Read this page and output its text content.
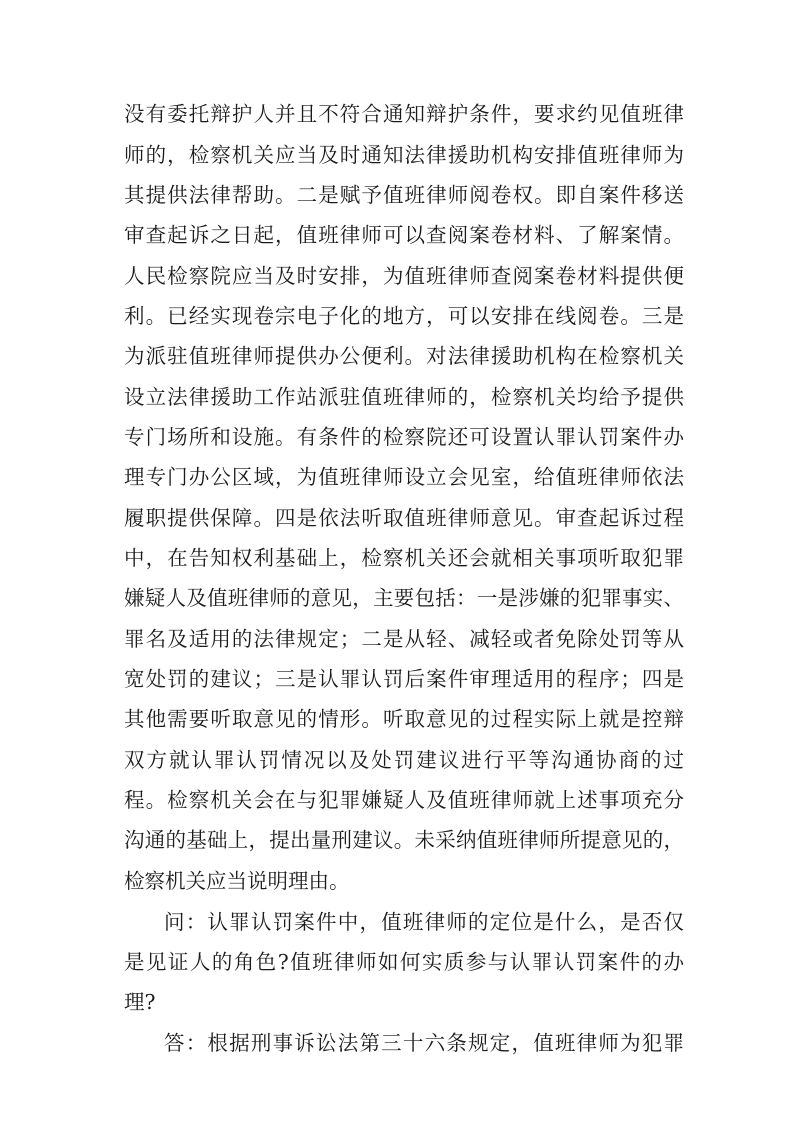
没有委托辩护人并且不符合通知辩护条件，要求约见值班律
师的，检察机关应当及时通知法律援助机构安排值班律师为
其提供法律帮助。二是赋予值班律师阅卷权。即自案件移送
审查起诉之日起，值班律师可以查阅案卷材料、了解案情。
人民检察院应当及时安排，为值班律师查阅案卷材料提供便
利。已经实现卷宗电子化的地方，可以安排在线阅卷。三是
为派驻值班律师提供办公便利。对法律援助机构在检察机关
设立法律援助工作站派驻值班律师的，检察机关均给予提供
专门场所和设施。有条件的检察院还可设置认罪认罚案件办
理专门办公区域，为值班律师设立会见室，给值班律师依法
履职提供保障。四是依法听取值班律师意见。审查起诉过程
中，在告知权利基础上，检察机关还会就相关事项听取犯罪
嫌疑人及值班律师的意见，主要包括：一是涉嫌的犯罪事实、
罪名及适用的法律规定；二是从轻、减轻或者免除处罚等从
宽处罚的建议；三是认罪认罚后案件审理适用的程序；四是
其他需要听取意见的情形。听取意见的过程实际上就是控辩
双方就认罪认罚情况以及处罚建议进行平等沟通协商的过
程。检察机关会在与犯罪嫌疑人及值班律师就上述事项充分
沟通的基础上，提出量刑建议。未采纳值班律师所提意见的，
检察机关应当说明理由。
问：认罪认罚案件中，值班律师的定位是什么，是否仅
是见证人的角色?值班律师如何实质参与认罪认罚案件的办
理?
答：根据刑事诉讼法第三十六条规定，值班律师为犯罪
